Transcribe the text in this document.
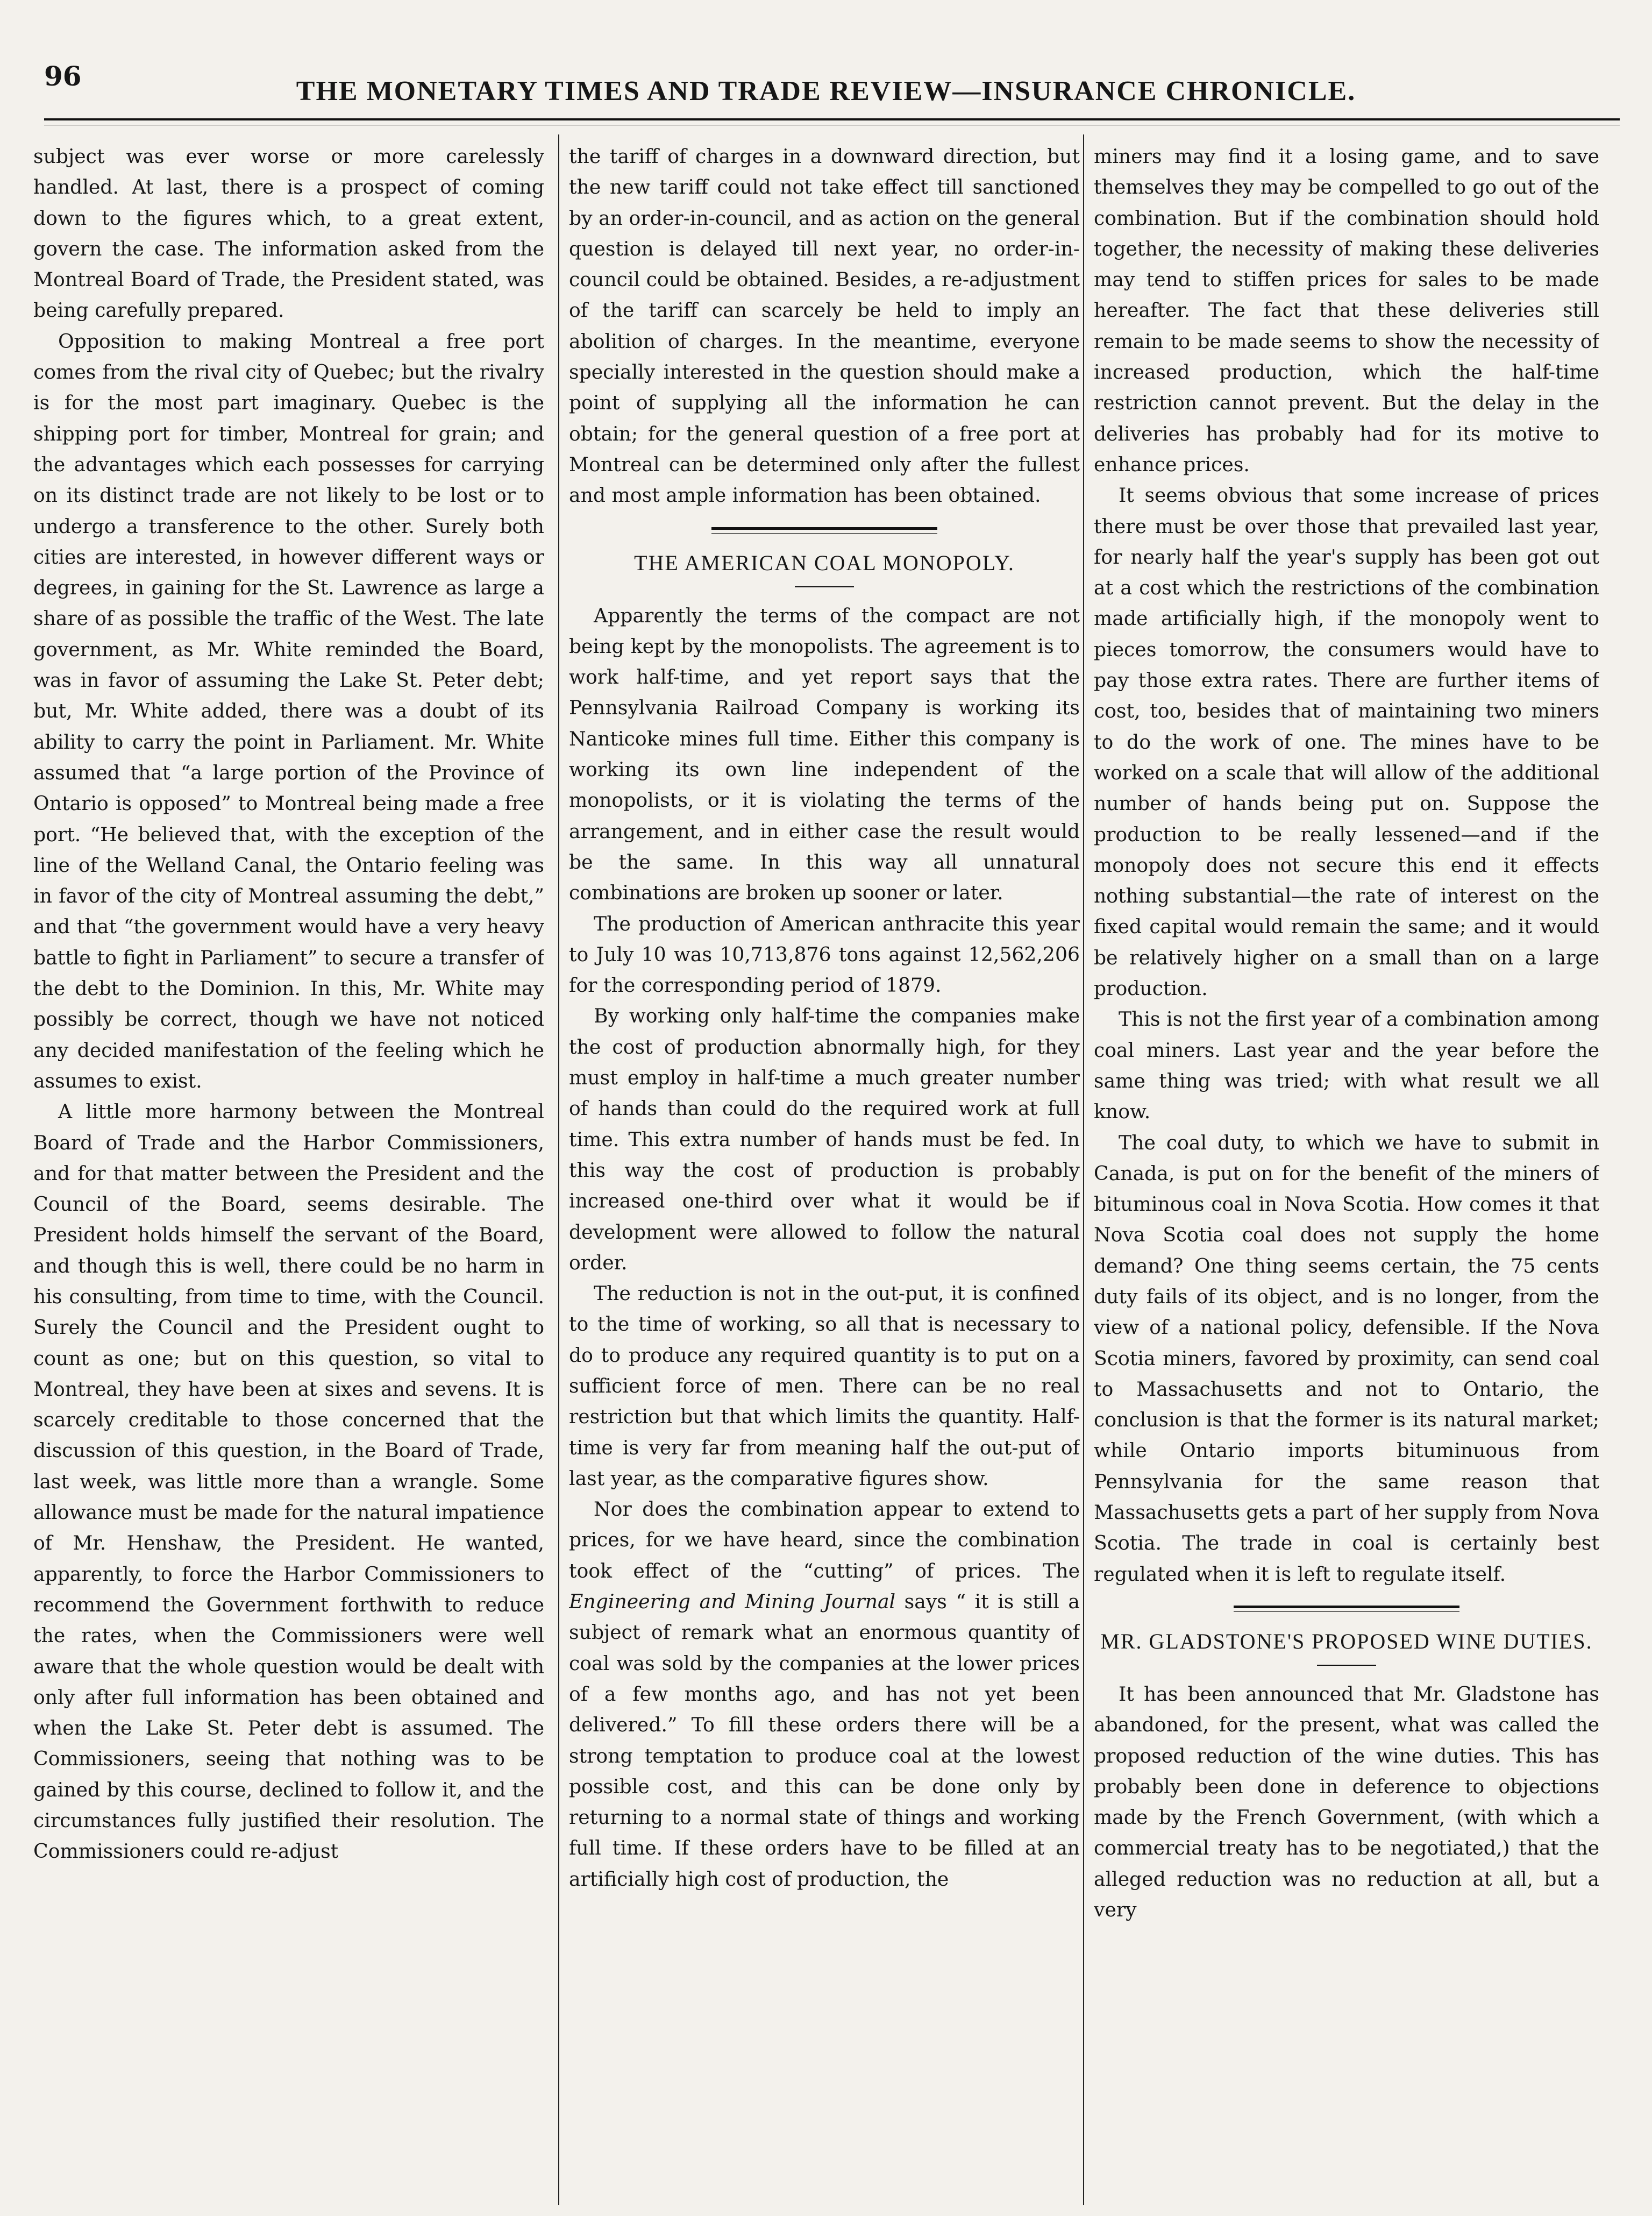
96	THE MONETARY TIMES AND TRADE REVIEW—INSURANCE CHRONICLE.

subject was ever worse or more carelessly handled. At last, there is a prospect of coming down to the figures which, to a great extent, govern the case. The information asked from the Montreal Board of Trade, the President stated, was being carefully prepared.

Opposition to making Montreal a free port comes from the rival city of Quebec; but the rivalry is for the most part imaginary. Quebec is the shipping port for timber, Montreal for grain; and the advantages which each possesses for carrying on its distinct trade are not likely to be lost or to undergo a transference to the other. Surely both cities are interested, in however different ways or degrees, in gaining for the St. Lawrence as large a share of as possible the traffic of the West. The late government, as Mr. White reminded the Board, was in favor of assuming the Lake St. Peter debt; but, Mr. White added, there was a doubt of its ability to carry the point in Parliament. Mr. White assumed that “a large portion of the Province of Ontario is opposed” to Montreal being made a free port. “He believed that, with the exception of the line of the Welland Canal, the Ontario feeling was in favor of the city of Montreal assuming the debt,” and that “the government would have a very heavy battle to fight in Parliament” to secure a transfer of the debt to the Dominion. In this, Mr. White may possibly be correct, though we have not noticed any decided manifestation of the feeling which he assumes to exist.

A little more harmony between the Montreal Board of Trade and the Harbor Commissioners, and for that matter between the President and the Council of the Board, seems desirable. The President holds himself the servant of the Board, and though this is well, there could be no harm in his consulting, from time to time, with the Council. Surely the Council and the President ought to count as one; but on this question, so vital to Montreal, they have been at sixes and sevens. It is scarcely creditable to those concerned that the discussion of this question, in the Board of Trade, last week, was little more than a wrangle. Some allowance must be made for the natural impatience of Mr. Henshaw, the President. He wanted, apparently, to force the Harbor Commissioners to recommend the Government forthwith to reduce the rates, when the Commissioners were well aware that the whole question would be dealt with only after full information has been obtained and when the Lake St. Peter debt is assumed. The Commissioners, seeing that nothing was to be gained by this course, declined to follow it, and the circumstances fully justified their resolution. The Commissioners could re-adjust

the tariff of charges in a downward direction, but the new tariff could not take effect till sanctioned by an order-in-council, and as action on the general question is delayed till next year, no order-in-council could be obtained. Besides, a re-adjustment of the tariff can scarcely be held to imply an abolition of charges. In the meantime, everyone specially interested in the question should make a point of supplying all the information he can obtain; for the general question of a free port at Montreal can be determined only after the fullest and most ample information has been obtained.

THE AMERICAN COAL MONOPOLY.

Apparently the terms of the compact are not being kept by the monopolists. The agreement is to work half-time, and yet report says that the Pennsylvania Railroad Company is working its Nanticoke mines full time. Either this company is working its own line independent of the monopolists, or it is violating the terms of the arrangement, and in either case the result would be the same. In this way all unnatural combinations are broken up sooner or later.

The production of American anthracite this year to July 10 was 10,713,876 tons against 12,562,206 for the corresponding period of 1879.

By working only half-time the companies make the cost of production abnormally high, for they must employ in half-time a much greater number of hands than could do the required work at full time. This extra number of hands must be fed. In this way the cost of production is probably increased one-third over what it would be if development were allowed to follow the natural order.

The reduction is not in the out-put, it is confined to the time of working, so all that is necessary to do to produce any required quantity is to put on a sufficient force of men. There can be no real restriction but that which limits the quantity. Half-time is very far from meaning half the out-put of last year, as the comparative figures show.

Nor does the combination appear to extend to prices, for we have heard, since the combination took effect of the “cutting” of prices. The Engineering and Mining Journal says “ it is still a subject of remark what an enormous quantity of coal was sold by the companies at the lower prices of a few months ago, and has not yet been delivered.” To fill these orders there will be a strong temptation to produce coal at the lowest possible cost, and this can be done only by returning to a normal state of things and working full time. If these orders have to be filled at an artificially high cost of production, the

miners may find it a losing game, and to save themselves they may be compelled to go out of the combination. But if the combination should hold together, the necessity of making these deliveries may tend to stiffen prices for sales to be made hereafter. The fact that these deliveries still remain to be made seems to show the necessity of increased production, which the half-time restriction cannot prevent. But the delay in the deliveries has probably had for its motive to enhance prices.

It seems obvious that some increase of prices there must be over those that prevailed last year, for nearly half the year's supply has been got out at a cost which the restrictions of the combination made artificially high, if the monopoly went to pieces tomorrow, the consumers would have to pay those extra rates. There are further items of cost, too, besides that of maintaining two miners to do the work of one. The mines have to be worked on a scale that will allow of the additional number of hands being put on. Suppose the production to be really lessened—and if the monopoly does not secure this end it effects nothing substantial—the rate of interest on the fixed capital would remain the same; and it would be relatively higher on a small than on a large production.

This is not the first year of a combination among coal miners. Last year and the year before the same thing was tried; with what result we all know.

The coal duty, to which we have to submit in Canada, is put on for the benefit of the miners of bituminous coal in Nova Scotia. How comes it that Nova Scotia coal does not supply the home demand? One thing seems certain, the 75 cents duty fails of its object, and is no longer, from the view of a national policy, defensible. If the Nova Scotia miners, favored by proximity, can send coal to Massachusetts and not to Ontario, the conclusion is that the former is its natural market; while Ontario imports bituminuous from Pennsylvania for the same reason that Massachusetts gets a part of her supply from Nova Scotia. The trade in coal is certainly best regulated when it is left to regulate itself.

MR. GLADSTONE'S PROPOSED WINE DUTIES.

It has been announced that Mr. Gladstone has abandoned, for the present, what was called the proposed reduction of the wine duties. This has probably been done in deference to objections made by the French Government, (with which a commercial treaty has to be negotiated,) that the alleged reduction was no reduction at all, but a very
